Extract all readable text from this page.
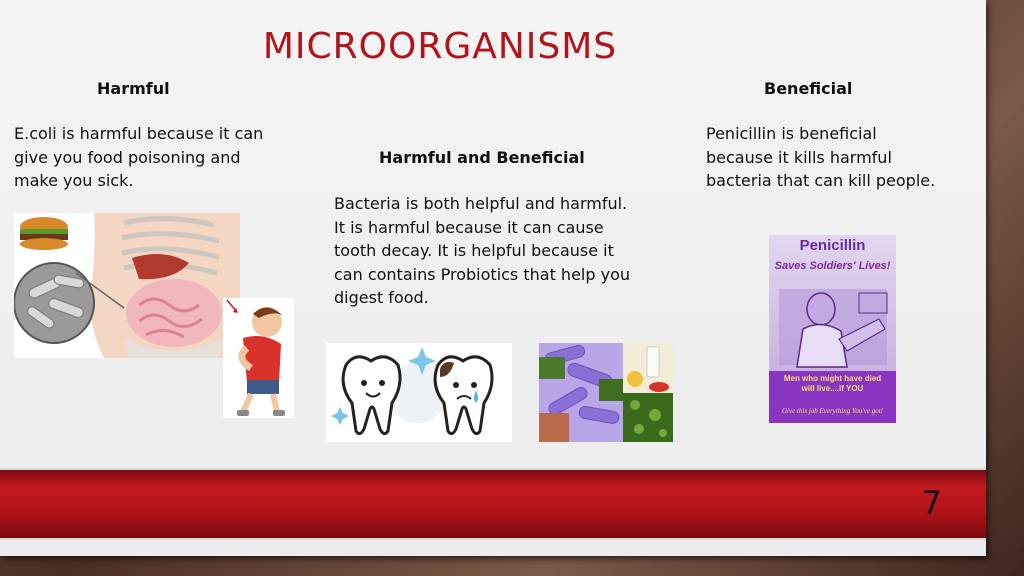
MICROORGANISMS
Harmful
E.coli is harmful because it can give you food poisoning and make you sick.
Harmful and Beneficial
Bacteria is both helpful and harmful. It is harmful because it can cause tooth decay. It is helpful because it can contains Probiotics that help you digest food.
Beneficial
Penicillin is beneficial because it kills harmful bacteria that can kill people.
Penicillin
Saves Soldiers' Lives!
Men who might have died will live....if YOU
Give this job Everything You've got!
7
